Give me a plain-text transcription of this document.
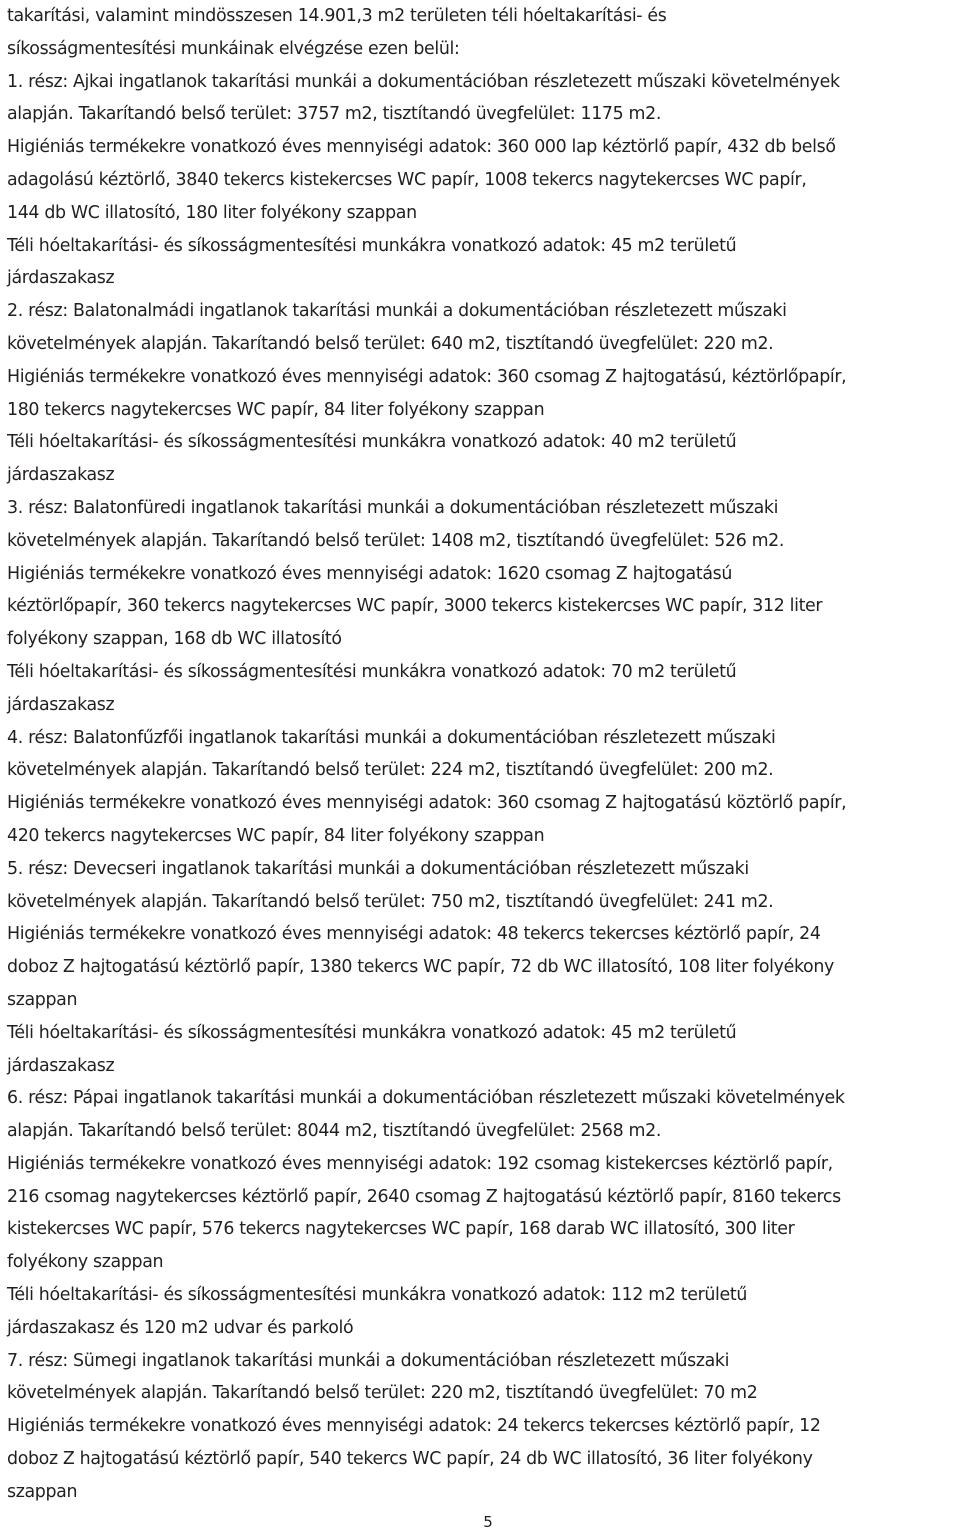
takarítási, valamint mindösszesen 14.901,3 m2 területen téli hóeltakarítási- és
síkosságmentesítési munkáinak elvégzése ezen belül:
1. rész: Ajkai ingatlanok takarítási munkái a dokumentációban részletezett műszaki követelmények
alapján. Takarítandó belső terület: 3757 m2, tisztítandó üvegfelület: 1175 m2.
Higiéniás termékekre vonatkozó éves mennyiségi adatok: 360 000 lap kéztörlő papír, 432 db belső
adagolású kéztörlő, 3840 tekercs kistekercses WC papír, 1008 tekercs nagytekercses WC papír,
144 db WC illatosító, 180 liter folyékony szappan
Téli hóeltakarítási- és síkosságmentesítési munkákra vonatkozó adatok: 45 m2 területű
járdaszakasz
2. rész: Balatonalmádi ingatlanok takarítási munkái a dokumentációban részletezett műszaki
követelmények alapján. Takarítandó belső terület: 640 m2, tisztítandó üvegfelület: 220 m2.
Higiéniás termékekre vonatkozó éves mennyiségi adatok: 360 csomag Z hajtogatású, kéztörlőpapír,
180 tekercs nagytekercses WC papír, 84 liter folyékony szappan
Téli hóeltakarítási- és síkosságmentesítési munkákra vonatkozó adatok: 40 m2 területű
járdaszakasz
3. rész: Balatonfüredi ingatlanok takarítási munkái a dokumentációban részletezett műszaki
követelmények alapján. Takarítandó belső terület: 1408 m2, tisztítandó üvegfelület: 526 m2.
Higiéniás termékekre vonatkozó éves mennyiségi adatok: 1620 csomag Z hajtogatású
kéztörlőpapír, 360 tekercs nagytekercses WC papír, 3000 tekercs kistekercses WC papír, 312 liter
folyékony szappan, 168 db WC illatosító
Téli hóeltakarítási- és síkosságmentesítési munkákra vonatkozó adatok: 70 m2 területű
járdaszakasz
4. rész: Balatonfűzfői ingatlanok takarítási munkái a dokumentációban részletezett műszaki
követelmények alapján. Takarítandó belső terület: 224 m2, tisztítandó üvegfelület: 200 m2.
Higiéniás termékekre vonatkozó éves mennyiségi adatok: 360 csomag Z hajtogatású köztörlő papír,
420 tekercs nagytekercses WC papír, 84 liter folyékony szappan
5. rész: Devecseri ingatlanok takarítási munkái a dokumentációban részletezett műszaki
követelmények alapján. Takarítandó belső terület: 750 m2, tisztítandó üvegfelület: 241 m2.
Higiéniás termékekre vonatkozó éves mennyiségi adatok: 48 tekercs tekercses kéztörlő papír, 24
doboz Z hajtogatású kéztörlő papír, 1380 tekercs WC papír, 72 db WC illatosító, 108 liter folyékony
szappan
Téli hóeltakarítási- és síkosságmentesítési munkákra vonatkozó adatok: 45 m2 területű
járdaszakasz
6. rész: Pápai ingatlanok takarítási munkái a dokumentációban részletezett műszaki követelmények
alapján. Takarítandó belső terület: 8044 m2, tisztítandó üvegfelület: 2568 m2.
Higiéniás termékekre vonatkozó éves mennyiségi adatok: 192 csomag kistekercses kéztörlő papír,
216 csomag nagytekercses kéztörlő papír, 2640 csomag Z hajtogatású kéztörlő papír, 8160 tekercs
kistekercses WC papír, 576 tekercs nagytekercses WC papír, 168 darab WC illatosító, 300 liter
folyékony szappan
Téli hóeltakarítási- és síkosságmentesítési munkákra vonatkozó adatok: 112 m2 területű
járdaszakasz és 120 m2 udvar és parkoló
7. rész: Sümegi ingatlanok takarítási munkái a dokumentációban részletezett műszaki
követelmények alapján. Takarítandó belső terület: 220 m2, tisztítandó üvegfelület: 70 m2
Higiéniás termékekre vonatkozó éves mennyiségi adatok: 24 tekercs tekercses kéztörlő papír, 12
doboz Z hajtogatású kéztörlő papír, 540 tekercs WC papír, 24 db WC illatosító, 36 liter folyékony
szappan
5
